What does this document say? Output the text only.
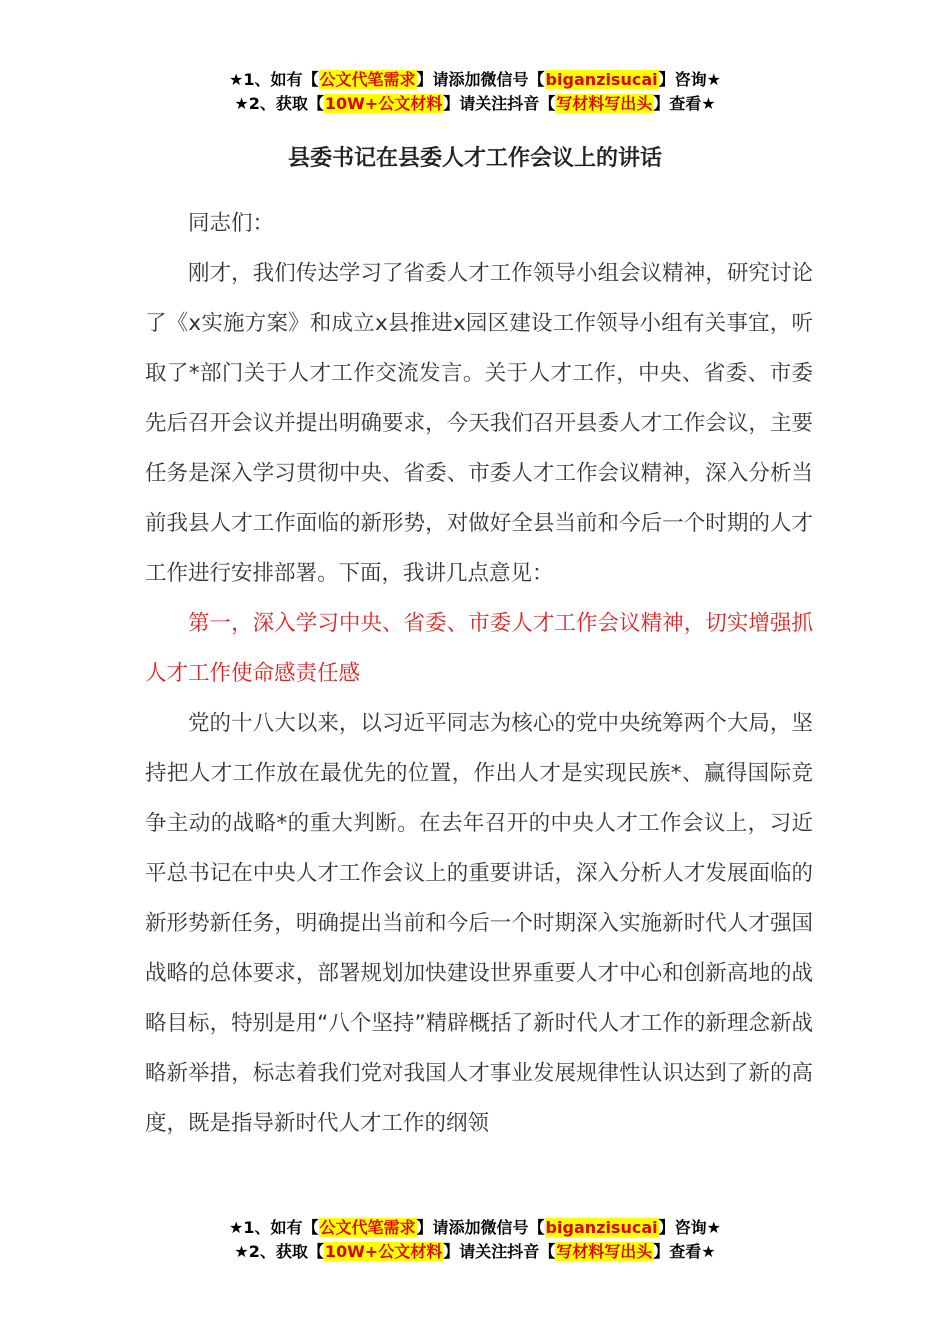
★1、如有【公文代笔需求】请添加微信号【biganzisucai】咨询★
★2、获取【10W+公文材料】请关注抖音【写材料写出头】查看★
县委书记在县委人才工作会议上的讲话

同志们：

刚才，我们传达学习了省委人才工作领导小组会议精神，研究讨论了《x实施方案》和成立x县推进x园区建设工作领导小组有关事宜，听取了*部门关于人才工作交流发言。关于人才工作，中央、省委、市委先后召开会议并提出明确要求，今天我们召开县委人才工作会议，主要任务是深入学习贯彻中央、省委、市委人才工作会议精神，深入分析当前我县人才工作面临的新形势，对做好全县当前和今后一个时期的人才工作进行安排部署。下面，我讲几点意见：

第一，深入学习中央、省委、市委人才工作会议精神，切实增强抓人才工作使命感责任感

党的十八大以来，以习近平同志为核心的党中央统筹两个大局，坚持把人才工作放在最优先的位置，作出人才是实现民族*、赢得国际竞争主动的战略*的重大判断。在去年召开的中央人才工作会议上，习近平总书记在中央人才工作会议上的重要讲话，深入分析人才发展面临的新形势新任务，明确提出当前和今后一个时期深入实施新时代人才强国战略的总体要求，部署规划加快建设世界重要人才中心和创新高地的战略目标，特别是用“八个坚持”精辟概括了新时代人才工作的新理念新战略新举措，标志着我们党对我国人才事业发展规律性认识达到了新的高度，既是指导新时代人才工作的纲领

★1、如有【公文代笔需求】请添加微信号【biganzisucai】咨询★
★2、获取【10W+公文材料】请关注抖音【写材料写出头】查看★
